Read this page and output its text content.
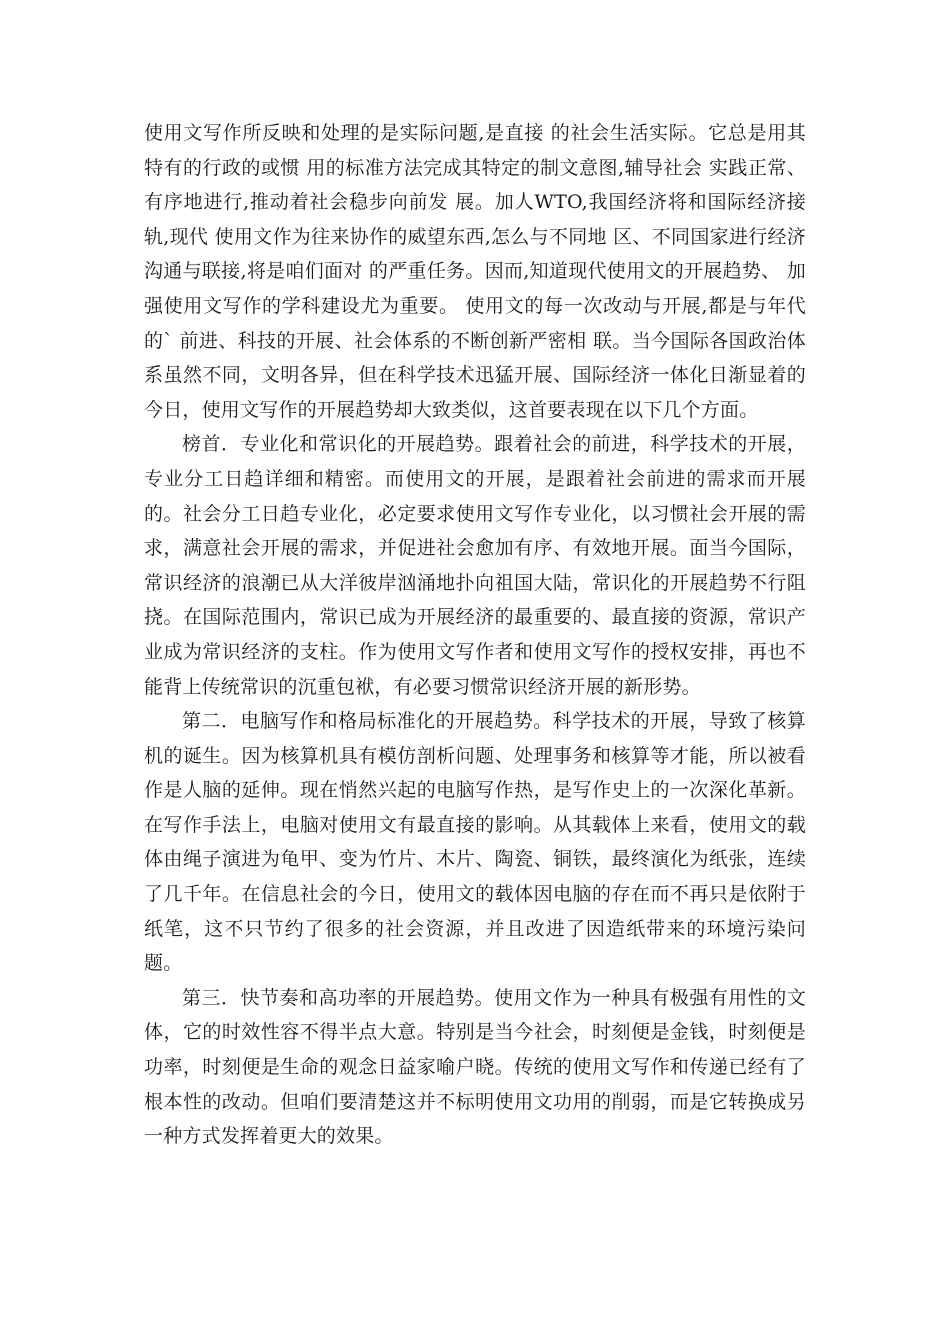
使用文写作所反映和处理的是实际问题,是直接 的社会生活实际。它总是用其特有的行政的或惯 用的标准方法完成其特定的制文意图,辅导社会 实践正常、有序地进行,推动着社会稳步向前发 展。加人WTO,我国经济将和国际经济接轨,现代 使用文作为往来协作的威望东西,怎么与不同地 区、不同国家进行经济沟通与联接,将是咱们面对 的严重任务。因而,知道现代使用文的开展趋势、 加强使用文写作的学科建设尤为重要。 使用文的每一次改动与开展,都是与年代的` 前进、科技的开展、社会体系的不断创新严密相 联。当今国际各国政治体系虽然不同，文明各异，但在科学技术迅猛开展、国际经济一体化日渐显着的今日，使用文写作的开展趋势却大致类似，这首要表现在以下几个方面。

榜首．专业化和常识化的开展趋势。跟着社会的前进，科学技术的开展，专业分工日趋详细和精密。而使用文的开展，是跟着社会前进的需求而开展的。社会分工日趋专业化，必定要求使用文写作专业化，以习惯社会开展的需求，满意社会开展的需求，并促进社会愈加有序、有效地开展。面当今国际，常识经济的浪潮已从大洋彼岸汹涌地扑向祖国大陆，常识化的开展趋势不行阻挠。在国际范围内，常识已成为开展经济的最重要的、最直接的资源，常识产业成为常识经济的支柱。作为使用文写作者和使用文写作的授权安排，再也不能背上传统常识的沉重包袱，有必要习惯常识经济开展的新形势。

第二．电脑写作和格局标准化的开展趋势。科学技术的开展，导致了核算机的诞生。因为核算机具有模仿剖析问题、处理事务和核算等才能，所以被看作是人脑的延伸。现在悄然兴起的电脑写作热，是写作史上的一次深化革新。在写作手法上，电脑对使用文有最直接的影响。从其载体上来看，使用文的载体由绳子演进为龟甲、变为竹片、木片、陶瓷、铜铁，最终演化为纸张，连续了几千年。在信息社会的今日，使用文的载体因电脑的存在而不再只是依附于纸笔，这不只节约了很多的社会资源，并且改进了因造纸带来的环境污染问题。

第三．快节奏和高功率的开展趋势。使用文作为一种具有极强有用性的文体，它的时效性容不得半点大意。特别是当今社会，时刻便是金钱，时刻便是功率，时刻便是生命的观念日益家喻户晓。传统的使用文写作和传递已经有了根本性的改动。但咱们要清楚这并不标明使用文功用的削弱，而是它转换成另一种方式发挥着更大的效果。
